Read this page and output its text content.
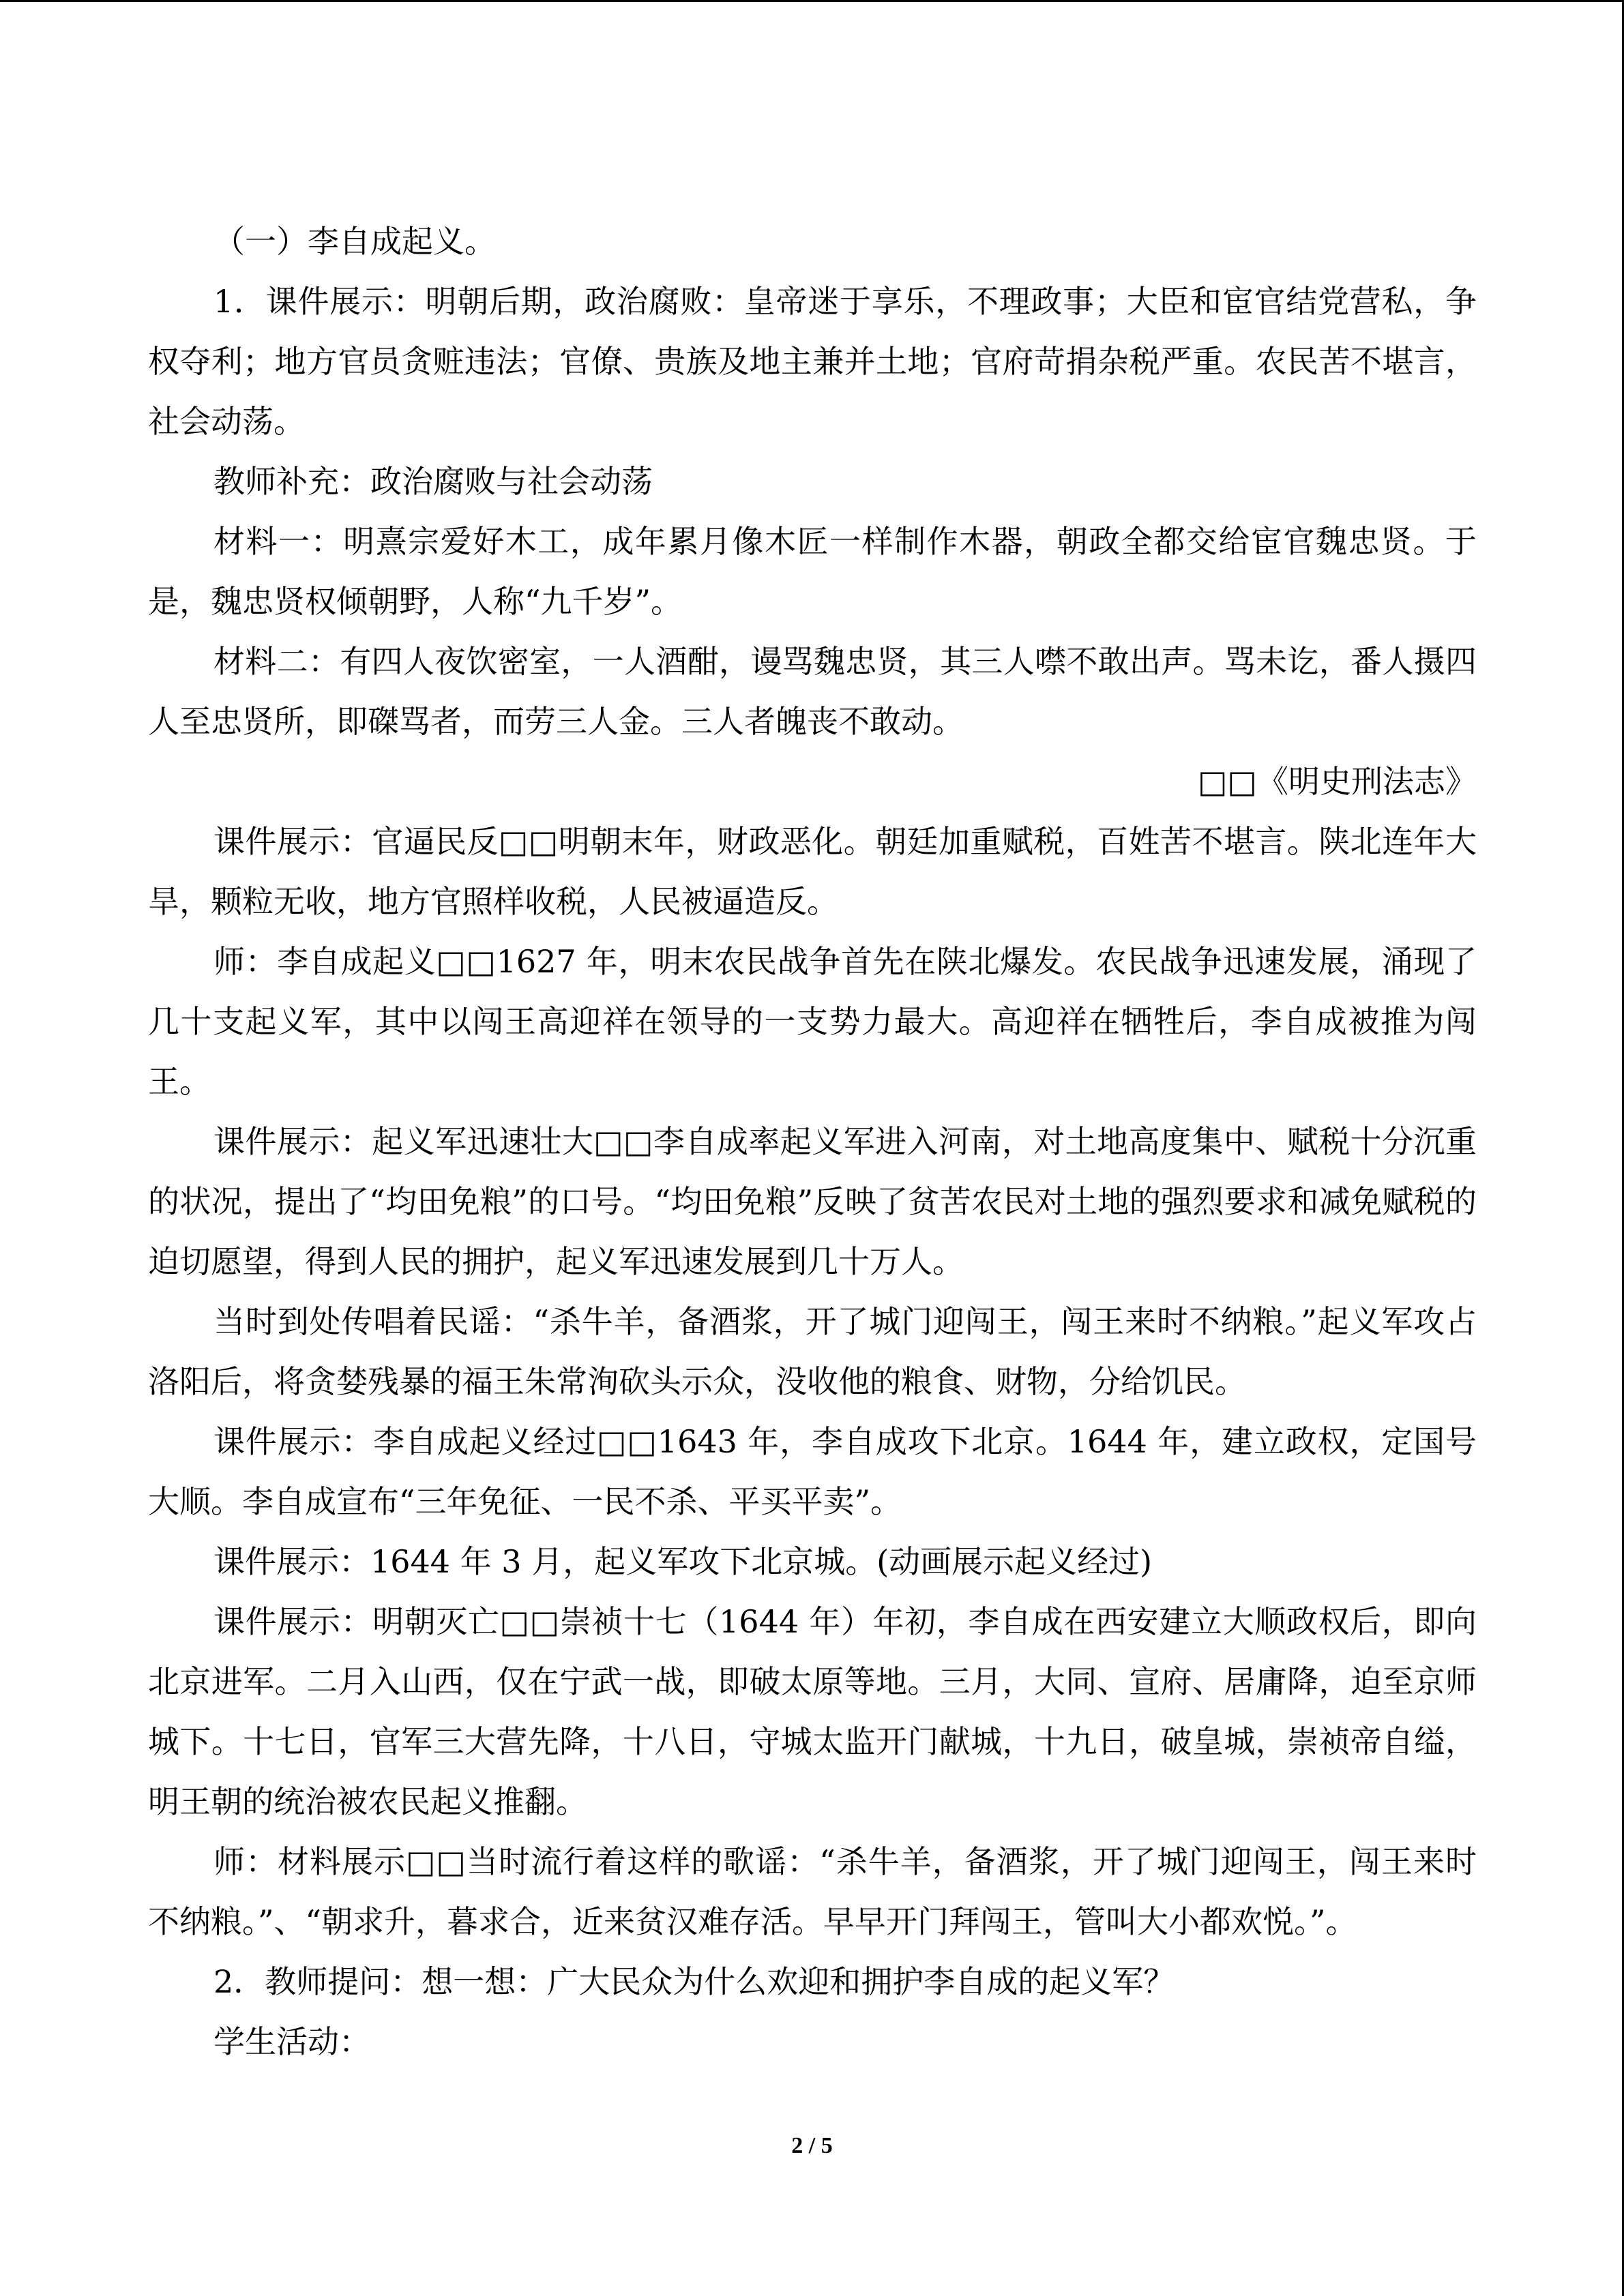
（一）李自成起义。

1．课件展示：明朝后期，政治腐败：皇帝迷于享乐，不理政事；大臣和宦官结党营私，争权夺利；地方官员贪赃违法；官僚、贵族及地主兼并土地；官府苛捐杂税严重。农民苦不堪言，社会动荡。

教师补充：政治腐败与社会动荡

材料一：明熹宗爱好木工，成年累月像木匠一样制作木器，朝政全都交给宦官魏忠贤。于是，魏忠贤权倾朝野，人称“九千岁”。

材料二：有四人夜饮密室，一人酒酣，谩骂魏忠贤，其三人噤不敢出声。骂未讫，番人摄四人至忠贤所，即磔骂者，而劳三人金。三人者魄丧不敢动。

□□《明史刑法志》

课件展示：官逼民反□□明朝末年，财政恶化。朝廷加重赋税，百姓苦不堪言。陕北连年大旱，颗粒无收，地方官照样收税，人民被逼造反。

师：李自成起义□□1627 年，明末农民战争首先在陕北爆发。农民战争迅速发展，涌现了几十支起义军，其中以闯王高迎祥在领导的一支势力最大。高迎祥在牺牲后，李自成被推为闯王。

课件展示：起义军迅速壮大□□李自成率起义军进入河南，对土地高度集中、赋税十分沉重的状况，提出了“均田免粮”的口号。“均田免粮”反映了贫苦农民对土地的强烈要求和减免赋税的迫切愿望，得到人民的拥护，起义军迅速发展到几十万人。

当时到处传唱着民谣：“杀牛羊，备酒浆，开了城门迎闯王，闯王来时不纳粮。”起义军攻占洛阳后，将贪婪残暴的福王朱常洵砍头示众，没收他的粮食、财物，分给饥民。

课件展示：李自成起义经过□□1643 年，李自成攻下北京。1644 年，建立政权，定国号大顺。李自成宣布“三年免征、一民不杀、平买平卖”。

课件展示：1644 年 3 月，起义军攻下北京城。(动画展示起义经过)

课件展示：明朝灭亡□□崇祯十七（1644 年）年初，李自成在西安建立大顺政权后，即向北京进军。二月入山西，仅在宁武一战，即破太原等地。三月，大同、宣府、居庸降，迫至京师城下。十七日，官军三大营先降，十八日，守城太监开门献城，十九日，破皇城，崇祯帝自缢，明王朝的统治被农民起义推翻。

师：材料展示□□当时流行着这样的歌谣：“杀牛羊，备酒浆，开了城门迎闯王，闯王来时不纳粮。”、“朝求升，暮求合，近来贫汉难存活。早早开门拜闯王，管叫大小都欢悦。”。

2．教师提问：想一想：广大民众为什么欢迎和拥护李自成的起义军？

学生活动：

2 / 5
